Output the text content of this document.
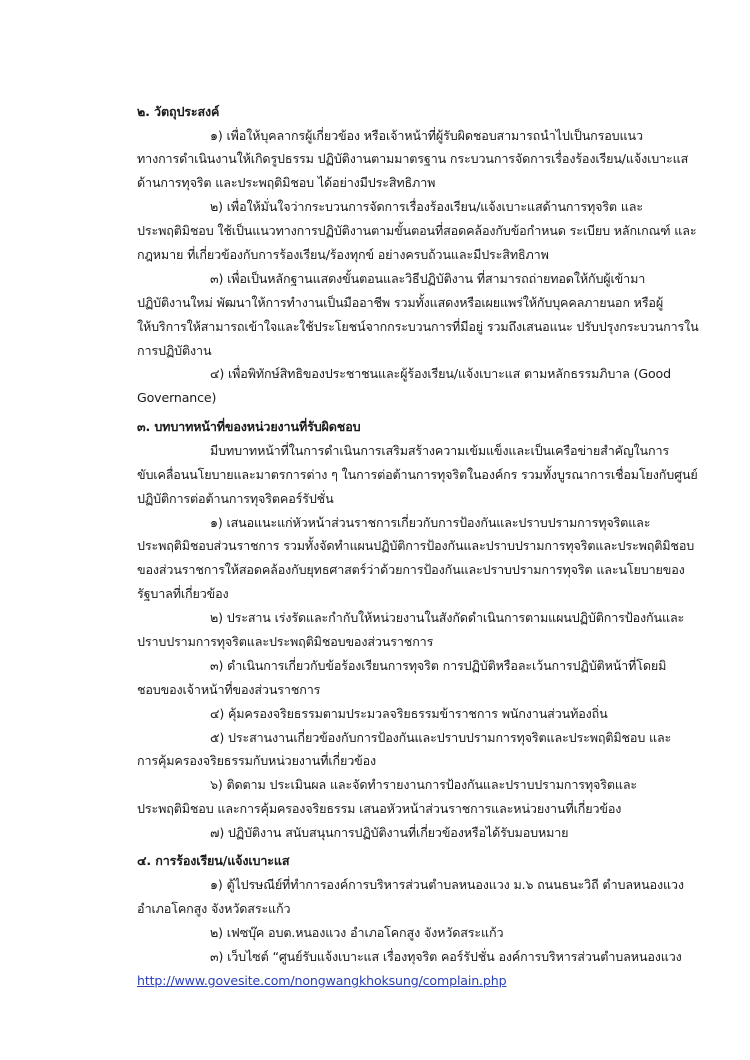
๒. วัตถุประสงค์
๑) เพื่อให้บุคลากรผู้เกี่ยวข้อง หรือเจ้าหน้าที่ผู้รับผิดชอบสามารถนำไปเป็นกรอบแนว
ทางการดำเนินงานให้เกิดรูปธรรม ปฏิบัติงานตามมาตรฐาน กระบวนการจัดการเรื่องร้องเรียน/แจ้งเบาะแส
ด้านการทุจริต และประพฤติมิชอบ ได้อย่างมีประสิทธิภาพ
๒) เพื่อให้มั่นใจว่ากระบวนการจัดการเรื่องร้องเรียน/แจ้งเบาะแสด้านการทุจริต และ
ประพฤติมิชอบ ใช้เป็นแนวทางการปฏิบัติงานตามขั้นตอนที่สอดคล้องกับข้อกำหนด ระเบียบ หลักเกณฑ์ และ
กฎหมาย ที่เกี่ยวข้องกับการร้องเรียน/ร้องทุกข์ อย่างครบถ้วนและมีประสิทธิภาพ
๓) เพื่อเป็นหลักฐานแสดงขั้นตอนและวิธีปฏิบัติงาน ที่สามารถถ่ายทอดให้กับผู้เข้ามา
ปฏิบัติงานใหม่ พัฒนาให้การทำงานเป็นมืออาชีพ รวมทั้งแสดงหรือเผยแพร่ให้กับบุคคลภายนอก หรือผู้
ให้บริการให้สามารถเข้าใจและใช้ประโยชน์จากกระบวนการที่มีอยู่ รวมถึงเสนอแนะ ปรับปรุงกระบวนการใน
การปฏิบัติงาน
๔) เพื่อพิทักษ์สิทธิของประชาชนและผู้ร้องเรียน/แจ้งเบาะแส ตามหลักธรรมภิบาล (Good
Governance)
๓. บทบาทหน้าที่ของหน่วยงานที่รับผิดชอบ
มีบทบาทหน้าที่ในการดำเนินการเสริมสร้างความเข้มแข็งและเป็นเครือข่ายสำคัญในการ
ขับเคลื่อนนโยบายและมาตรการต่าง ๆ ในการต่อต้านการทุจริตในองค์กร รวมทั้งบูรณาการเชื่อมโยงกับศูนย์
ปฏิบัติการต่อต้านการทุจริตคอร์รัปชั่น
๑) เสนอแนะแก่หัวหน้าส่วนราชการเกี่ยวกับการป้องกันและปราบปรามการทุจริตและ
ประพฤติมิชอบส่วนราชการ รวมทั้งจัดทำแผนปฏิบัติการป้องกันและปราบปรามการทุจริตและประพฤติมิชอบ
ของส่วนราชการให้สอดคล้องกับยุทธศาสตร์ว่าด้วยการป้องกันและปราบปรามการทุจริต และนโยบายของ
รัฐบาลที่เกี่ยวข้อง
๒) ประสาน เร่งรัดและกำกับให้หน่วยงานในสังกัดดำเนินการตามแผนปฏิบัติการป้องกันและ
ปราบปรามการทุจริตและประพฤติมิชอบของส่วนราชการ
๓) ดำเนินการเกี่ยวกับข้อร้องเรียนการทุจริต การปฏิบัติหรือละเว้นการปฏิบัติหน้าที่โดยมิ
ชอบของเจ้าหน้าที่ของส่วนราชการ
๔) คุ้มครองจริยธรรมตามประมวลจริยธรรมข้าราชการ พนักงานส่วนท้องถิ่น
๕) ประสานงานเกี่ยวข้องกับการป้องกันและปราบปรามการทุจริตและประพฤติมิชอบ และ
การคุ้มครองจริยธรรมกับหน่วยงานที่เกี่ยวข้อง
๖) ติดตาม ประเมินผล และจัดทำรายงานการป้องกันและปราบปรามการทุจริตและ
ประพฤติมิชอบ และการคุ้มครองจริยธรรม เสนอหัวหน้าส่วนราชการและหน่วยงานที่เกี่ยวข้อง
๗) ปฏิบัติงาน สนับสนุนการปฏิบัติงานที่เกี่ยวข้องหรือได้รับมอบหมาย
๔. การร้องเรียน/แจ้งเบาะแส
๑) ตู้ไปรษณีย์ที่ทำการองค์การบริหารส่วนตำบลหนองแวง ม.๖ ถนนธนะวิถี ตำบลหนองแวง
อำเภอโคกสูง จังหวัดสระแก้ว
๒) เฟซบุ๊ค อบต.หนองแวง อำเภอโคกสูง จังหวัดสระแก้ว
๓) เว็บไซต์ “ศูนย์รับแจ้งเบาะแส เรื่องทุจริต คอร์รัปชั่น องค์การบริหารส่วนตำบลหนองแวง
http://www.govesite.com/nongwangkhoksung/complain.php
